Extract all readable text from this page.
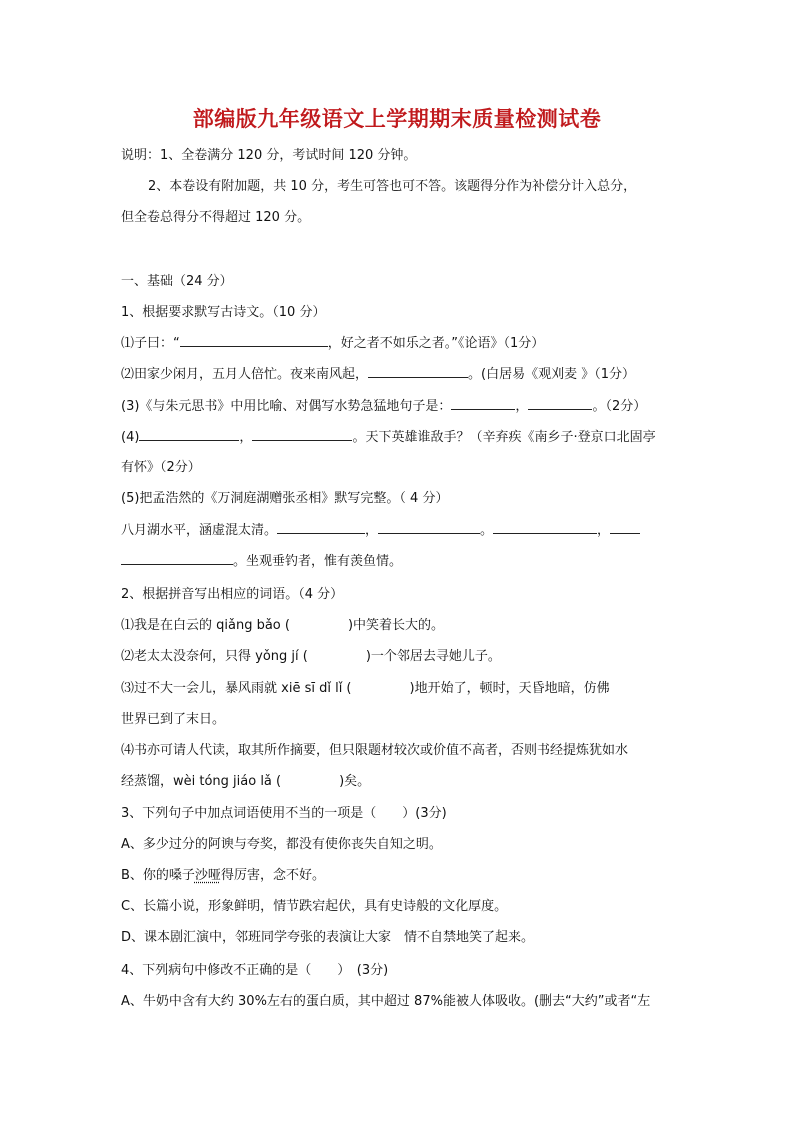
部编版九年级语文上学期期末质量检测试卷
说明：1、全卷满分 120 分，考试时间 120 分钟。
2、本卷设有附加题，共 10 分，考生可答也可不答。该题得分作为补偿分计入总分，
但全卷总得分不得超过 120 分。
一、基础（24 分）
1、根据要求默写古诗文。（10 分）
⑴子曰：“	，好之者不如乐之者。”《论语》（1分）
⑵田家少闲月，五月人倍忙。夜来南风起，	。(白居易《观刈麦 》（1分）
(3)《与朱元思书》中用比喻、对偶写水势急猛地句子是：	，	。（2分）
(4)	，	。天下英雄谁敌手？（辛弃疾《南乡子·登京口北固亭
有怀》（2分）
(5)把孟浩然的《万洞庭湖赠张丞相》默写完整。（ 4 分）
八月湖水平，涵虚混太清。	，	。	，
。坐观垂钓者，惟有羡鱼情。
2、根据拼音写出相应的词语。（4 分）
⑴我是在白云的 qiǎng bǎo (	)中笑着长大的。
⑵老太太没奈何，只得 yǒng jí (	)一个邻居去寻她儿子。
⑶过不大一会儿，暴风雨就 xiē sī dǐ lǐ (	)地开始了，顿时，天昏地暗，仿佛
世界已到了末日。
⑷书亦可请人代读，取其所作摘要，但只限题材较次或价值不高者，否则书经提炼犹如水
经蒸馏，wèi tóng jiáo lǎ (	)矣。
3、下列句子中加点词语使用不当的一项是（　　）(3分)
A、多少过分的阿谀与夸奖，都没有使你丧失自知之明。
B、你的嗓子沙哑得厉害，念不好。
C、长篇小说，形象鲜明，情节跌宕起伏，具有史诗般的文化厚度。
D、课本剧汇演中，邻班同学夸张的表演让大家　情不自禁地笑了起来。
4、下列病句中修改不正确的是（　　）　(3分)
A、牛奶中含有大约 30%左右的蛋白质，其中超过 87%能被人体吸收。(删去“大约”或者“左
